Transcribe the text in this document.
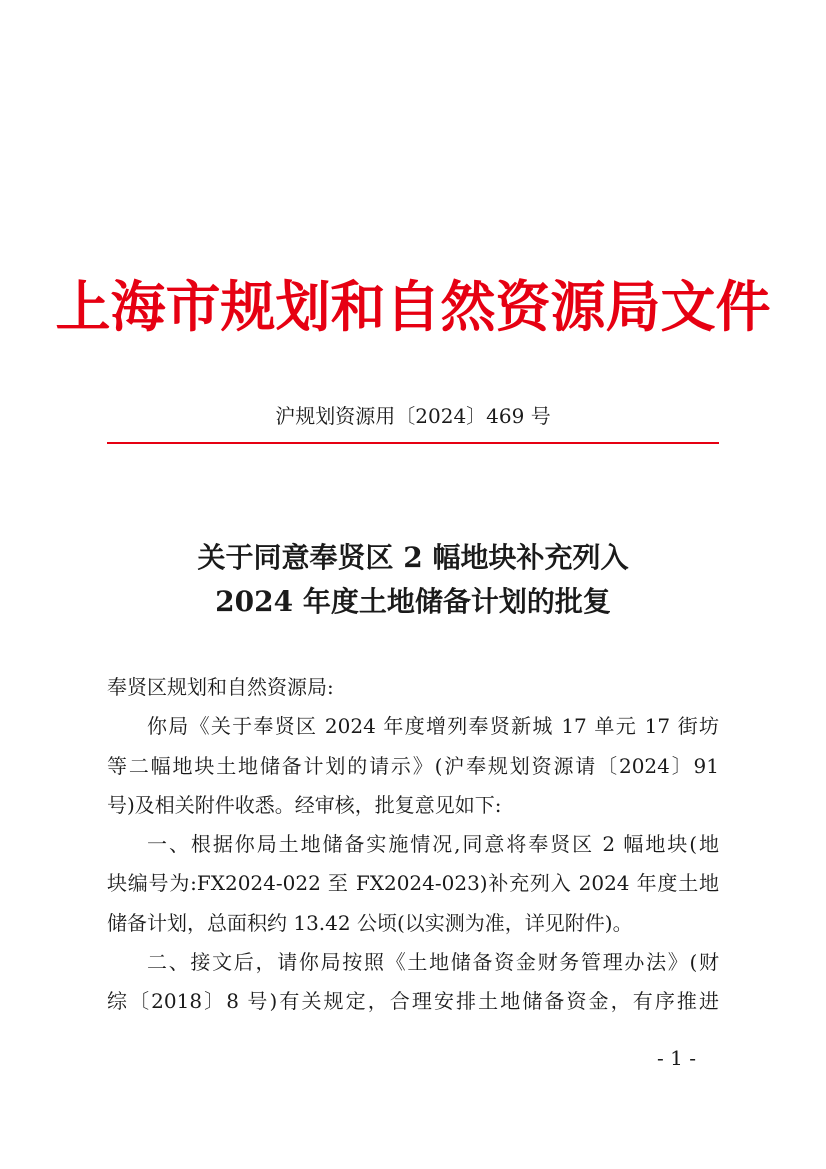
上海市规划和自然资源局文件
沪规划资源用〔2024〕469 号
关于同意奉贤区 2 幅地块补充列入
2024 年度土地储备计划的批复
奉贤区规划和自然资源局:
你局《关于奉贤区 2024 年度增列奉贤新城 17 单元 17 街坊
等二幅地块土地储备计划的请示》(沪奉规划资源请〔2024〕91
号)及相关附件收悉。经审核，批复意见如下:
一、根据你局土地储备实施情况,同意将奉贤区 2 幅地块(地
块编号为:FX2024-022 至 FX2024-023)补充列入 2024 年度土地
储备计划，总面积约 13.42 公顷(以实测为准，详见附件)。
二、接文后，请你局按照《土地储备资金财务管理办法》(财
综〔2018〕8 号)有关规定，合理安排土地储备资金，有序推进
- 1 -
